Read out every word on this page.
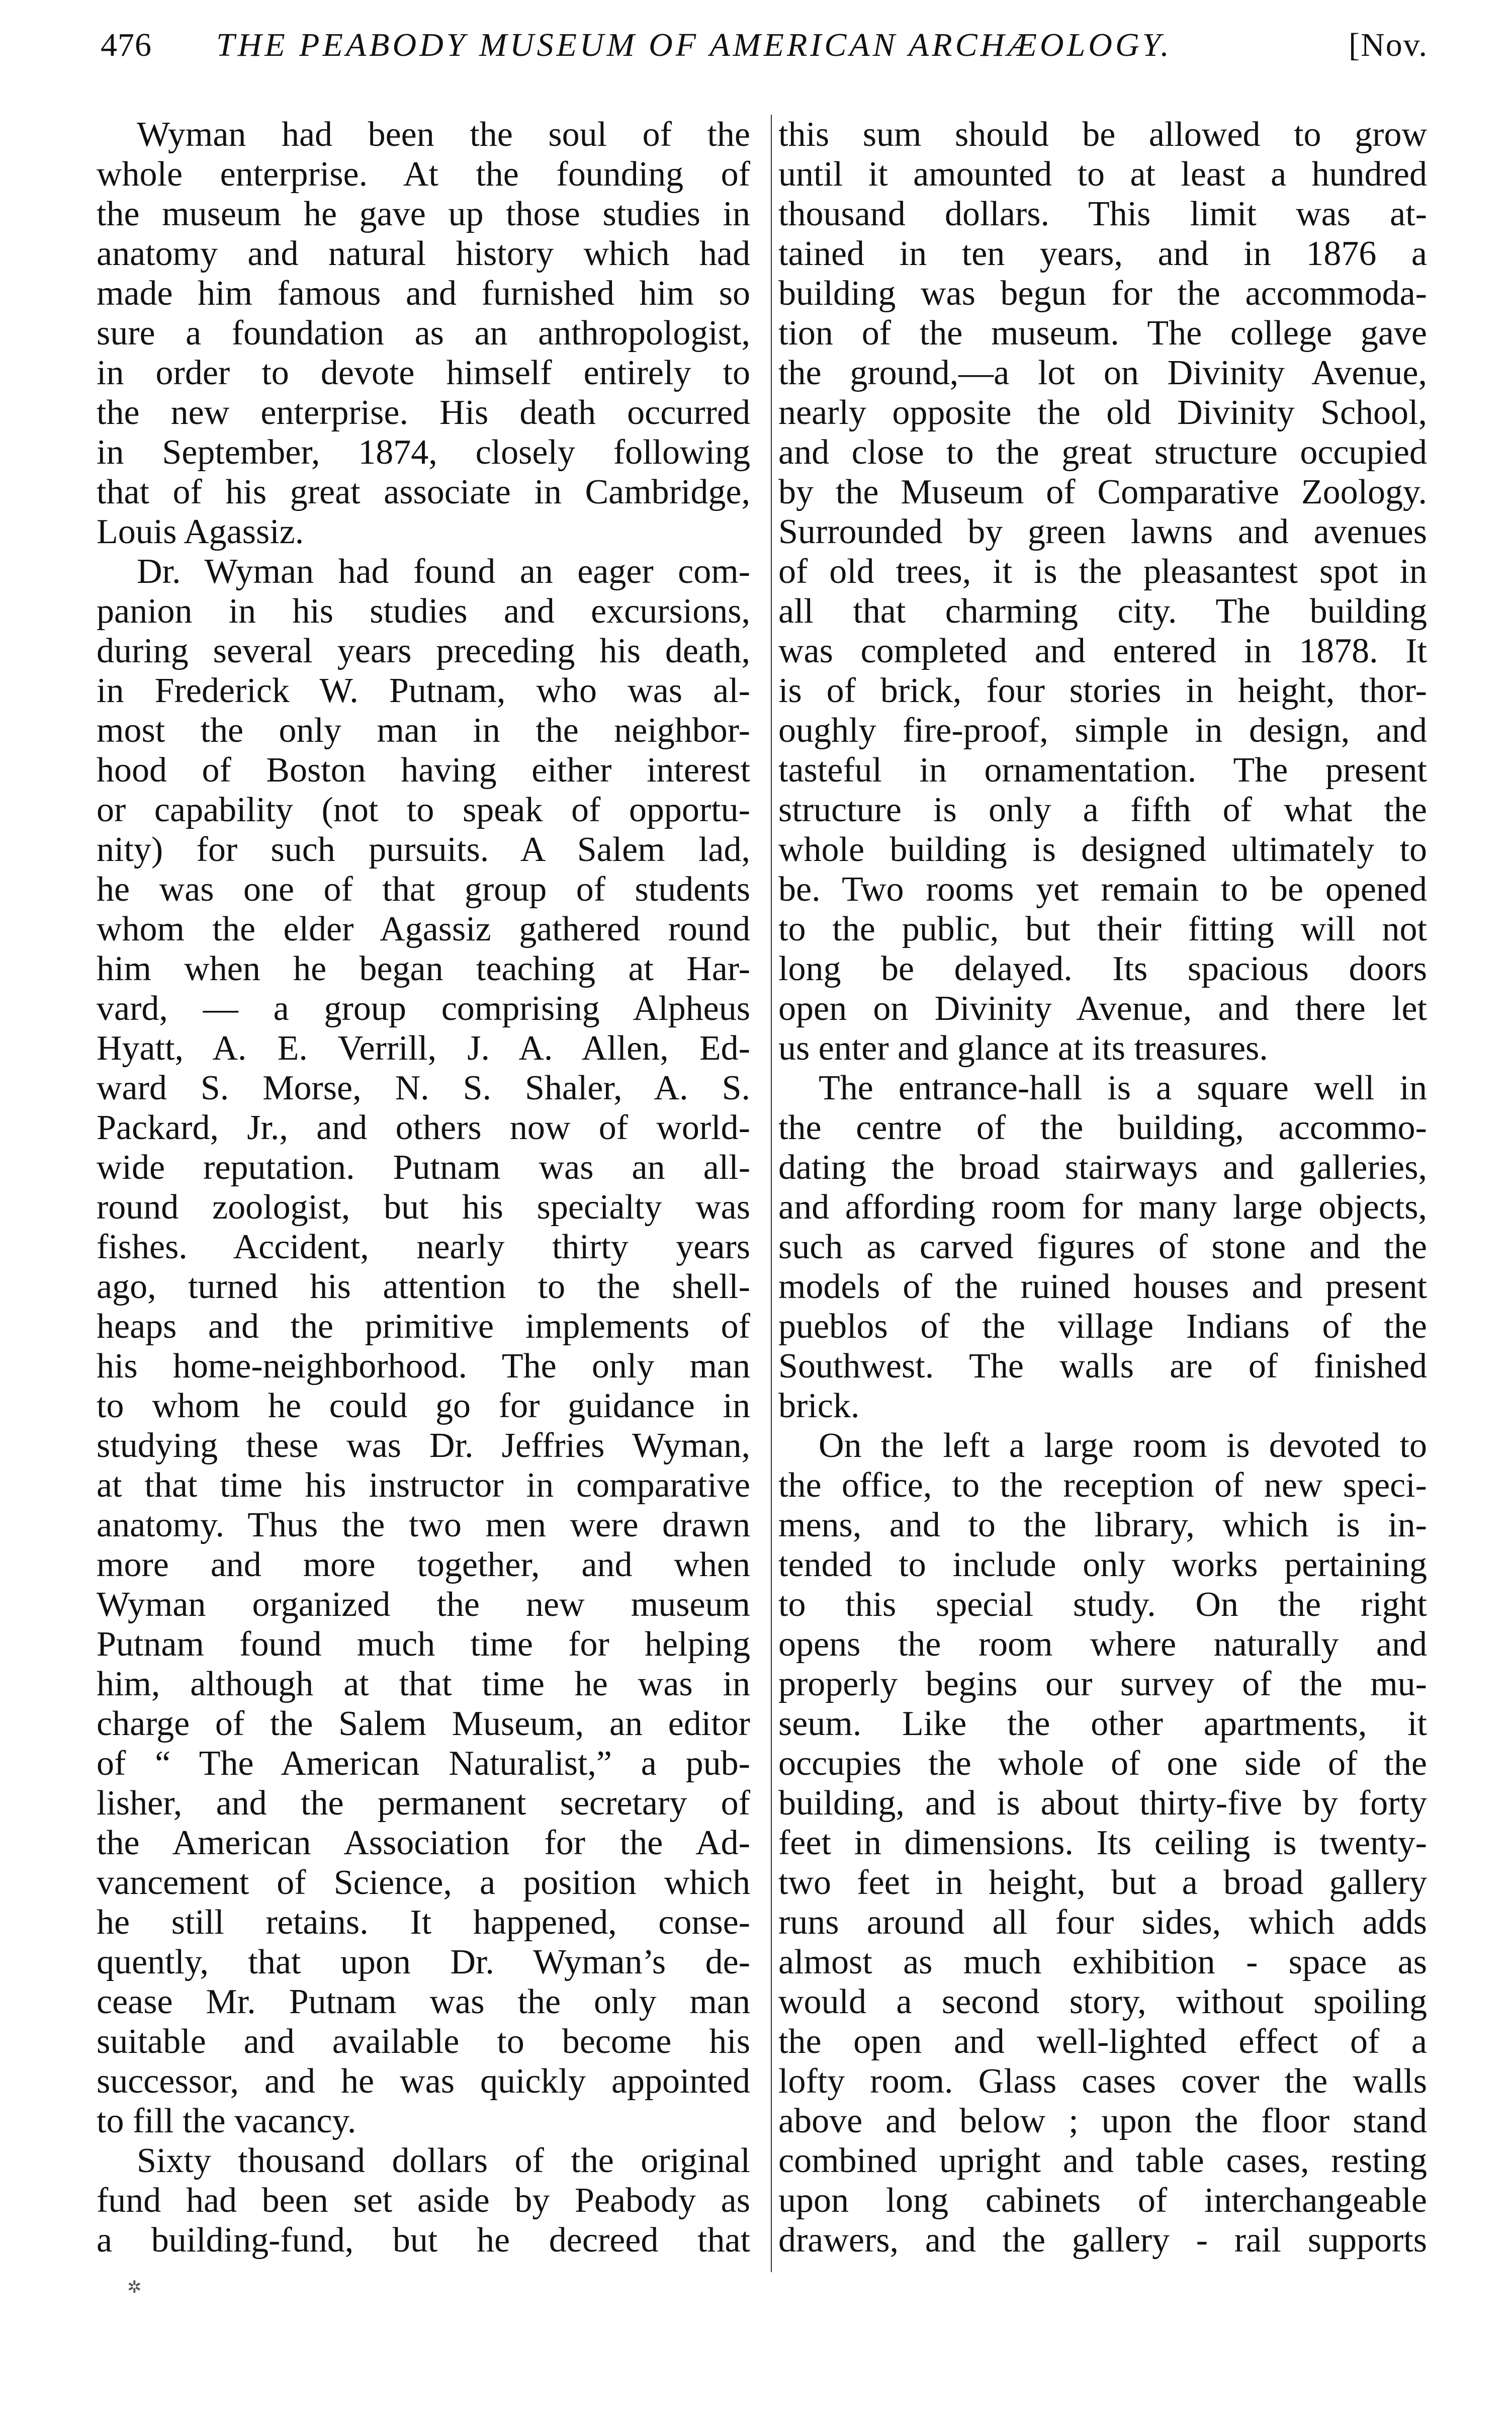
476 THE PEABODY MUSEUM OF AMERICAN ARCHÆOLOGY.	[Nov.
Wyman had been the soul of the
whole enterprise. At the founding of
the museum he gave up those studies in
anatomy and natural history which had
made him famous and furnished him so
sure a foundation as an anthropologist,
in order to devote himself entirely to
the new enterprise. His death occurred
in September, 1874, closely following
that of his great associate in Cambridge,
Louis Agassiz.
Dr. Wyman had found an eager com-
panion in his studies and excursions,
during several years preceding his death,
in Frederick W. Putnam, who was al-
most the only man in the neighbor-
hood of Boston having either interest
or capability (not to speak of opportu-
nity) for such pursuits. A Salem lad,
he was one of that group of students
whom the elder Agassiz gathered round
him when he began teaching at Har-
vard, — a group comprising Alpheus
Hyatt, A. E. Verrill, J. A. Allen, Ed-
ward S. Morse, N. S. Shaler, A. S.
Packard, Jr., and others now of world-
wide reputation. Putnam was an all-
round zoologist, but his specialty was
fishes. Accident, nearly thirty years
ago, turned his attention to the shell-
heaps and the primitive implements of
his home-neighborhood. The only man
to whom he could go for guidance in
studying these was Dr. Jeffries Wyman,
at that time his instructor in comparative
anatomy. Thus the two men were drawn
more and more together, and when
Wyman organized the new museum
Putnam found much time for helping
him, although at that time he was in
charge of the Salem Museum, an editor
of “ The American Naturalist,” a pub-
lisher, and the permanent secretary of
the American Association for the Ad-
vancement of Science, a position which
he still retains. It happened, conse-
quently, that upon Dr. Wyman’s de-
cease Mr. Putnam was the only man
suitable and available to become his
successor, and he was quickly appointed
to fill the vacancy.
Sixty thousand dollars of the original
fund had been set aside by Peabody as
a building-fund, but he decreed that
this sum should be allowed to grow
until it amounted to at least a hundred
thousand dollars. This limit was at-
tained in ten years, and in 1876 a
building was begun for the accommoda-
tion of the museum. The college gave
the ground,—a lot on Divinity Avenue,
nearly opposite the old Divinity School,
and close to the great structure occupied
by the Museum of Comparative Zoology.
Surrounded by green lawns and avenues
of old trees, it is the pleasantest spot in
all that charming city. The building
was completed and entered in 1878. It
is of brick, four stories in height, thor-
oughly fire-proof, simple in design, and
tasteful in ornamentation. The present
structure is only a fifth of what the
whole building is designed ultimately to
be. Two rooms yet remain to be opened
to the public, but their fitting will not
long be delayed. Its spacious doors
open on Divinity Avenue, and there let
us enter and glance at its treasures.
The entrance-hall is a square well in
the centre of the building, accommo-
dating the broad stairways and galleries,
and affording room for many large objects,
such as carved figures of stone and the
models of the ruined houses and present
pueblos of the village Indians of the
Southwest. The walls are of finished
brick.
On the left a large room is devoted to
the office, to the reception of new speci-
mens, and to the library, which is in-
tended to include only works pertaining
to this special study. On the right
opens the room where naturally and
properly begins our survey of the mu-
seum. Like the other apartments, it
occupies the whole of one side of the
building, and is about thirty-five by forty
feet in dimensions. Its ceiling is twenty-
two feet in height, but a broad gallery
runs around all four sides, which adds
almost as much exhibition - space as
would a second story, without spoiling
the open and well-lighted effect of a
lofty room. Glass cases cover the walls
above and below ; upon the floor stand
combined upright and table cases, resting
upon long cabinets of interchangeable
drawers, and the gallery - rail supports
✲
